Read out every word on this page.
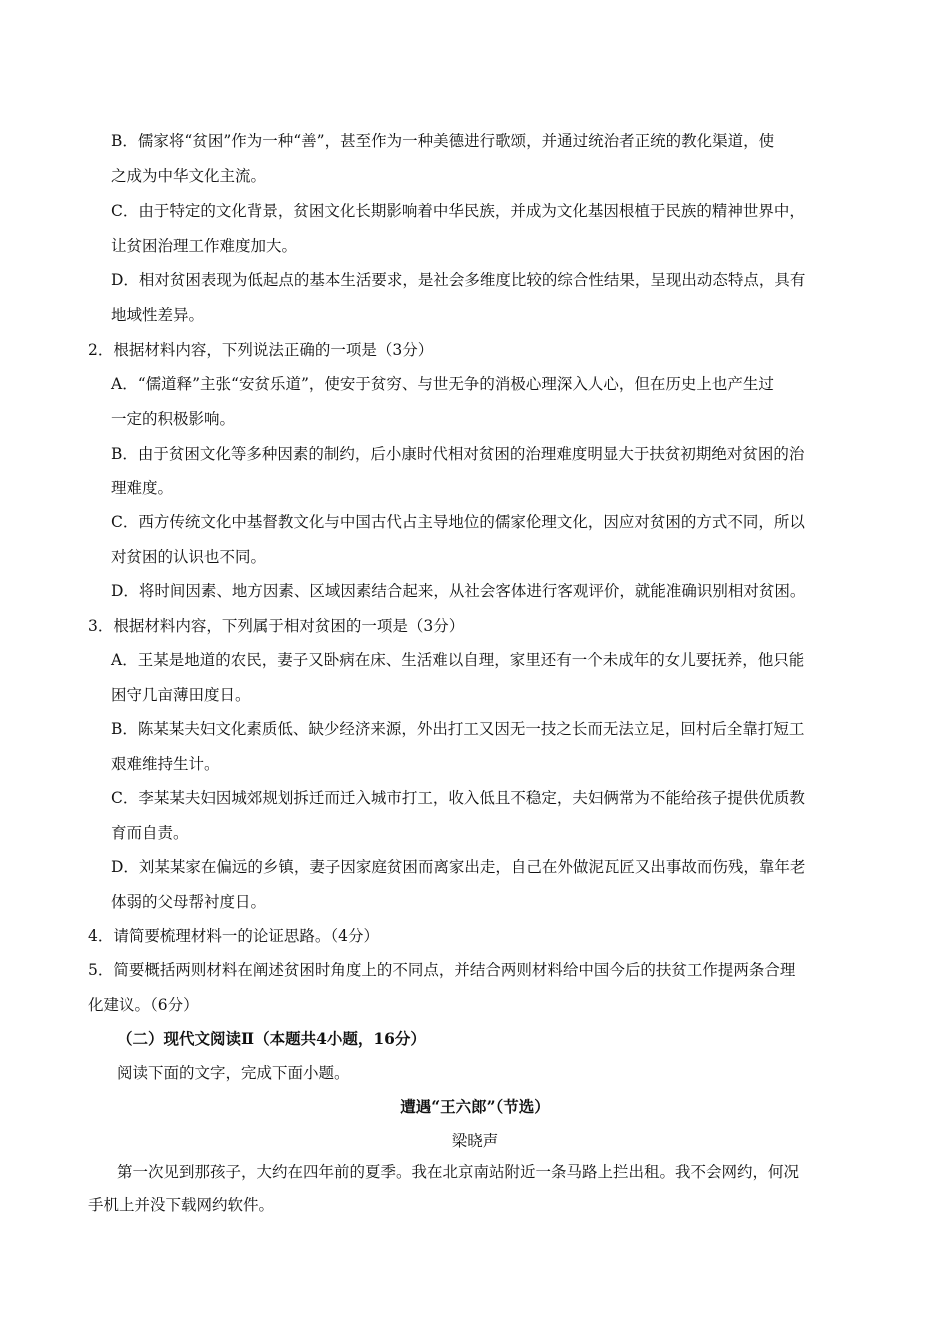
B．儒家将“贫困”作为一种“善”，甚至作为一种美德进行歌颂，并通过统治者正统的教化渠道，使
之成为中华文化主流。
C．由于特定的文化背景，贫困文化长期影响着中华民族，并成为文化基因根植于民族的精神世界中，
让贫困治理工作难度加大。
D．相对贫困表现为低起点的基本生活要求，是社会多维度比较的综合性结果，呈现出动态特点，具有
地域性差异。
2．根据材料内容，下列说法正确的一项是（3分）
A．“儒道释”主张“安贫乐道”，使安于贫穷、与世无争的消极心理深入人心，但在历史上也产生过
一定的积极影响。
B．由于贫困文化等多种因素的制约，后小康时代相对贫困的治理难度明显大于扶贫初期绝对贫困的治
理难度。
C．西方传统文化中基督教文化与中国古代占主导地位的儒家伦理文化，因应对贫困的方式不同，所以
对贫困的认识也不同。
D．将时间因素、地方因素、区域因素结合起来，从社会客体进行客观评价，就能准确识别相对贫困。
3．根据材料内容，下列属于相对贫困的一项是（3分）
A．王某是地道的农民，妻子又卧病在床、生活难以自理，家里还有一个未成年的女儿要抚养，他只能
困守几亩薄田度日。
B．陈某某夫妇文化素质低、缺少经济来源，外出打工又因无一技之长而无法立足，回村后全靠打短工
艰难维持生计。
C．李某某夫妇因城郊规划拆迁而迁入城市打工，收入低且不稳定，夫妇俩常为不能给孩子提供优质教
育而自责。
D．刘某某家在偏远的乡镇，妻子因家庭贫困而离家出走，自己在外做泥瓦匠又出事故而伤残，靠年老
体弱的父母帮衬度日。
4．请简要梳理材料一的论证思路。（4分）
5．简要概括两则材料在阐述贫困时角度上的不同点，并结合两则材料给中国今后的扶贫工作提两条合理
化建议。（6分）
（二）现代文阅读Ⅱ（本题共4小题，16分）
阅读下面的文字，完成下面小题。
遭遇“王六郎”（节选）
梁晓声
第一次见到那孩子，大约在四年前的夏季。我在北京南站附近一条马路上拦出租。我不会网约，何况
手机上并没下载网约软件。
